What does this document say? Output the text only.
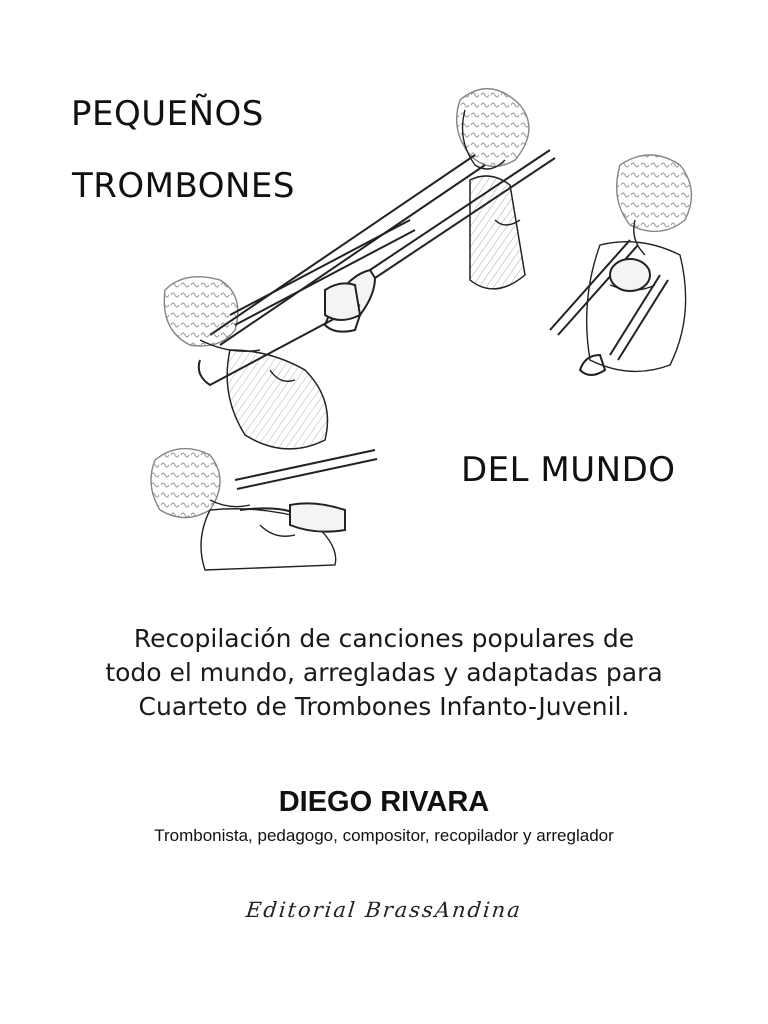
PEQUEÑOS
TROMBONES
DEL MUNDO
Recopilación de canciones populares de
todo el mundo, arregladas y adaptadas para
Cuarteto de Trombones Infanto-Juvenil.
DIEGO RIVARA
Trombonista, pedagogo, compositor, recopilador y arreglador
Editorial BrassAndina
